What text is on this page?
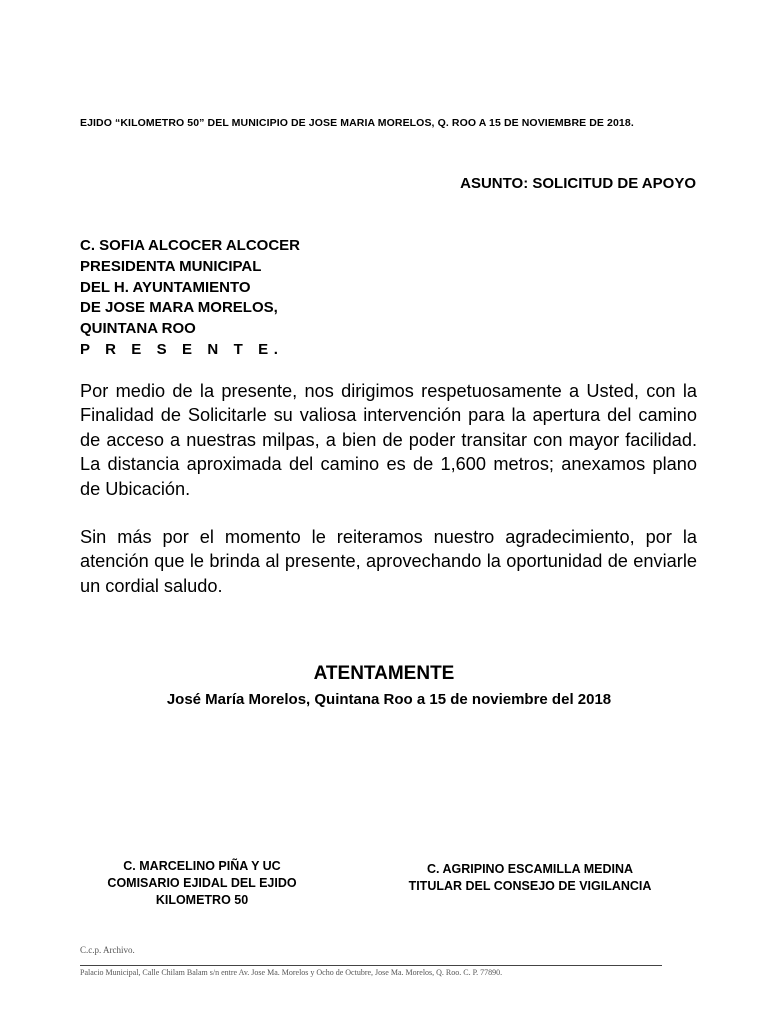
EJIDO “KILOMETRO 50” DEL MUNICIPIO DE JOSE MARIA MORELOS, Q. ROO A 15 DE NOVIEMBRE DE 2018.
ASUNTO: SOLICITUD DE APOYO
C. SOFIA ALCOCER ALCOCER
PRESIDENTA MUNICIPAL
DEL H. AYUNTAMIENTO
DE JOSE MARA MORELOS,
QUINTANA ROO
P R E S E N T E.
Por medio de la presente, nos dirigimos respetuosamente a Usted, con la Finalidad de Solicitarle su valiosa intervención para la apertura del camino de acceso a nuestras milpas, a bien de poder transitar con mayor facilidad. La distancia aproximada del camino es de 1,600 metros; anexamos plano de Ubicación.
Sin más por el momento le reiteramos nuestro agradecimiento, por la atención que le brinda al presente, aprovechando la oportunidad de enviarle un cordial saludo.
ATENTAMENTE
José María Morelos, Quintana Roo a 15 de noviembre del 2018
C. MARCELINO PIÑA Y UC
COMISARIO EJIDAL DEL EJIDO
KILOMETRO 50
C. AGRIPINO ESCAMILLA MEDINA
TITULAR DEL CONSEJO DE VIGILANCIA
C.c.p. Archivo.
Palacio Municipal, Calle Chilam Balam s/n entre Av. Jose Ma. Morelos y Ocho de Octubre, Jose Ma. Morelos, Q. Roo. C. P. 77890.
